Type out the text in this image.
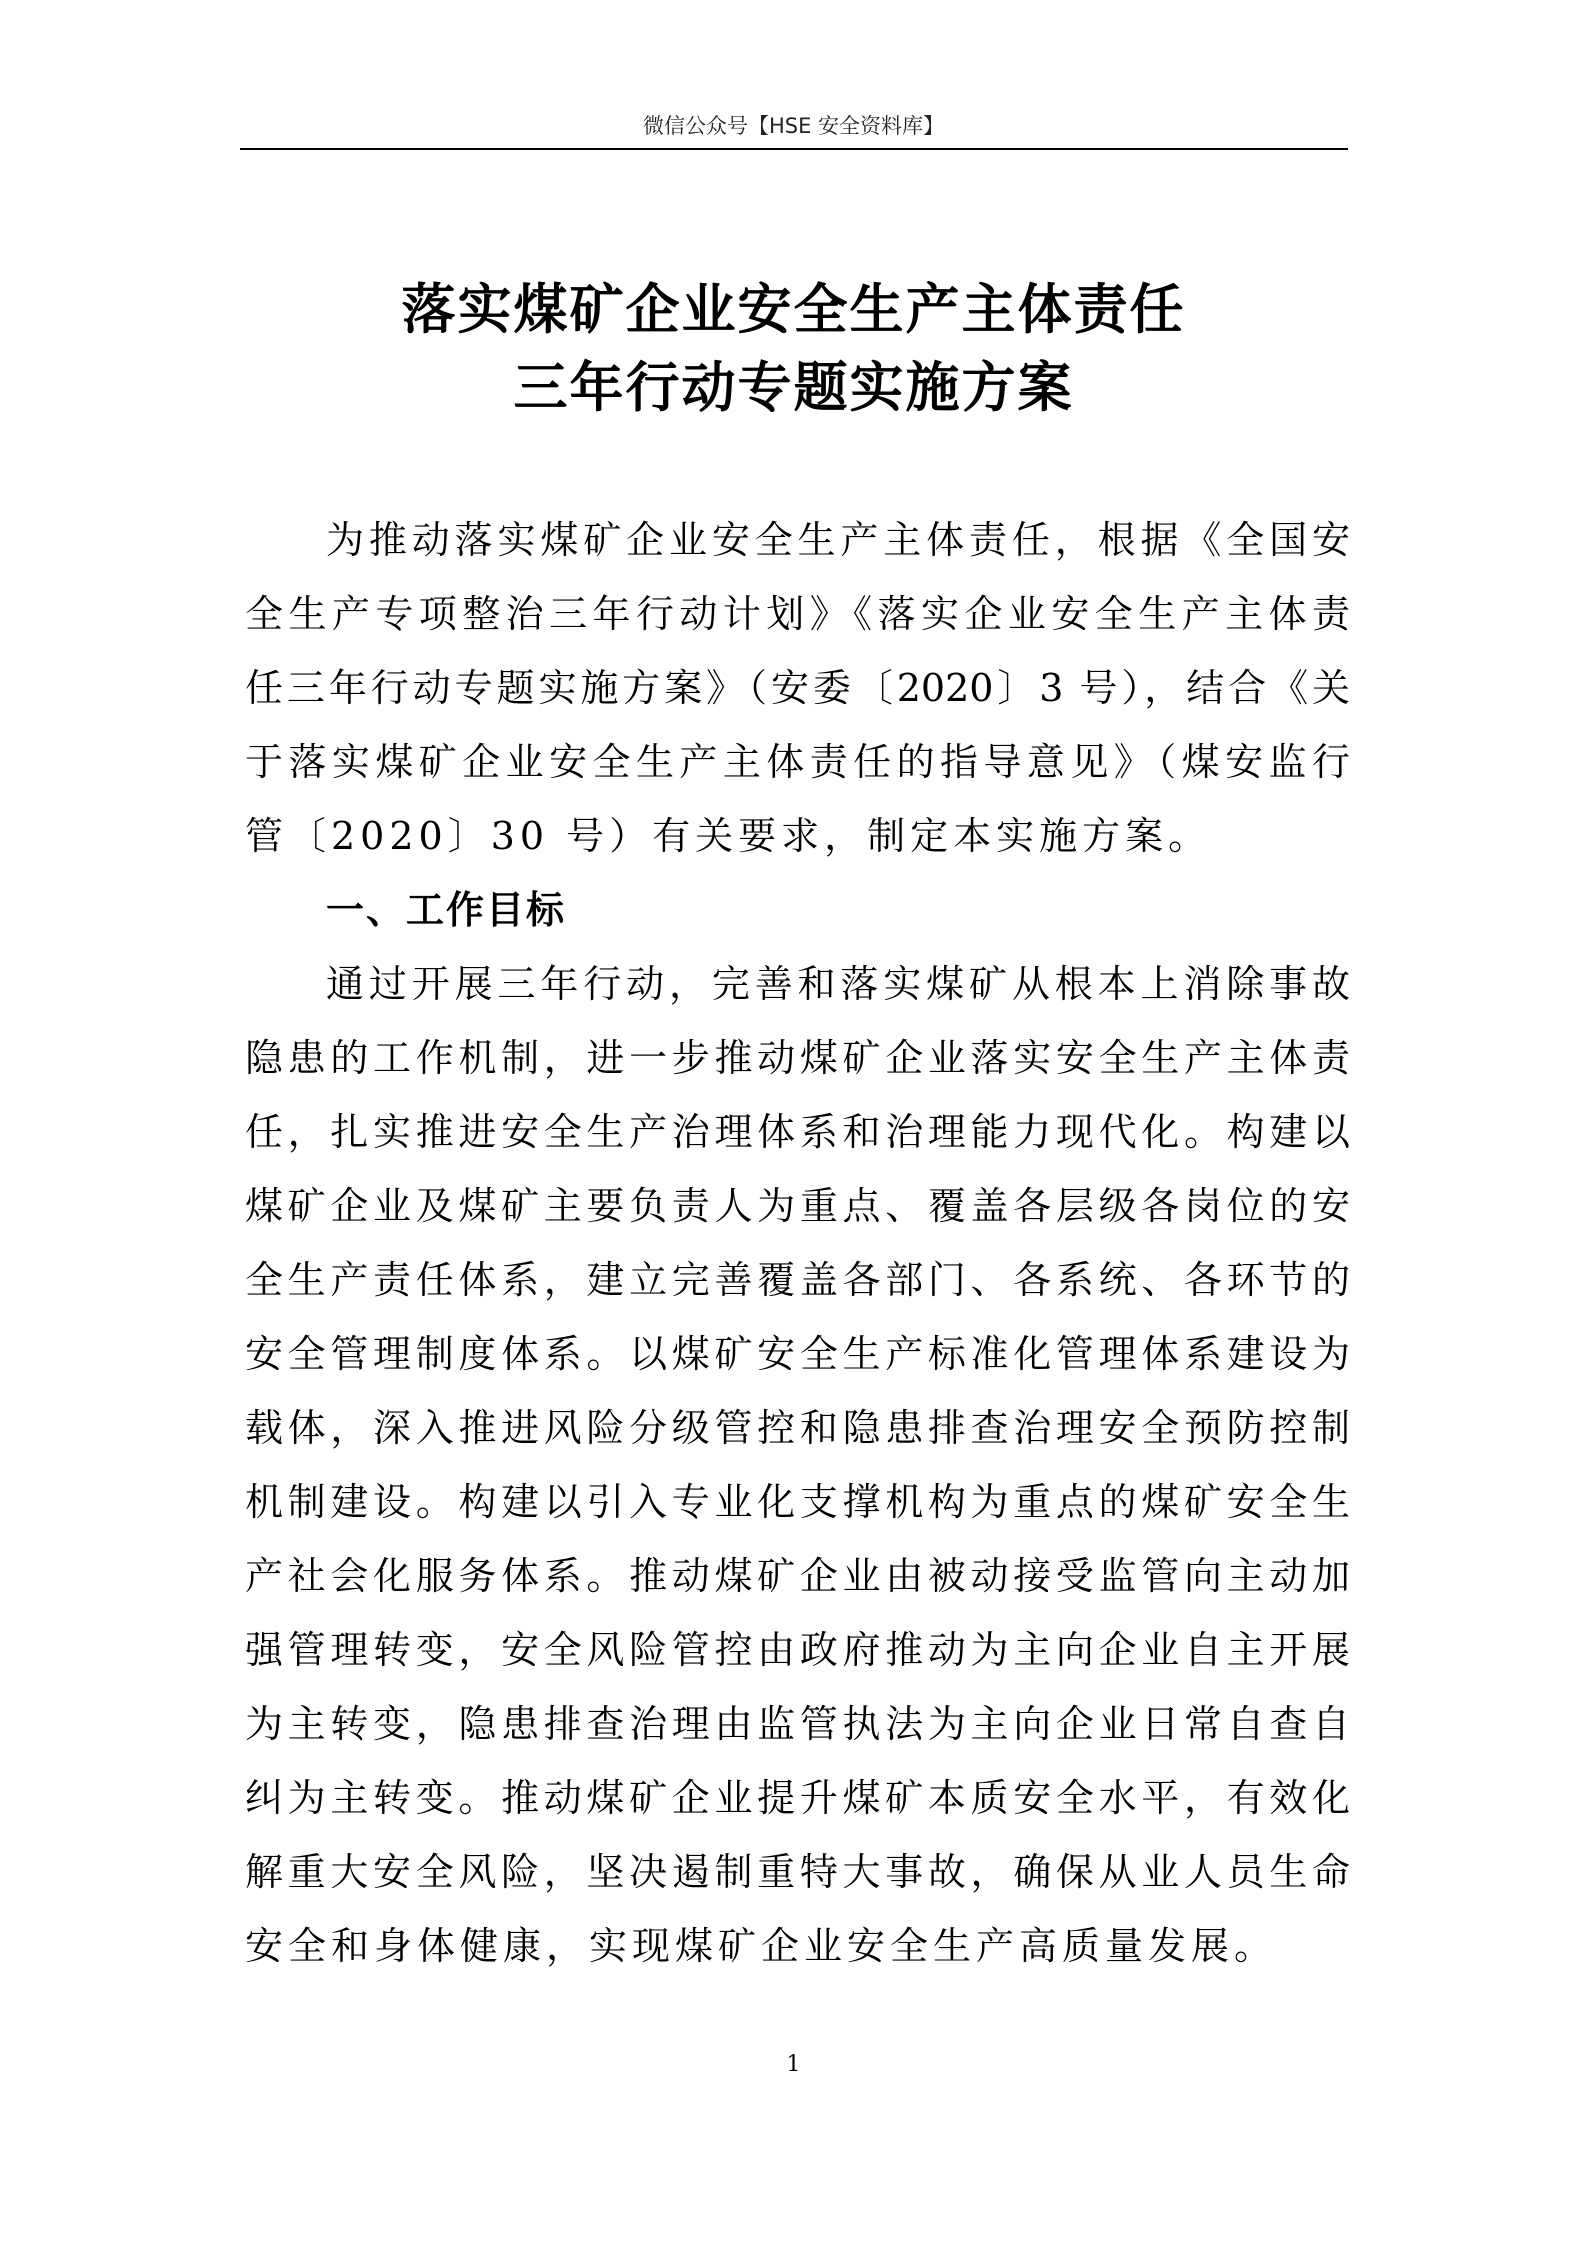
微信公众号【HSE 安全资料库】
落实煤矿企业安全生产主体责任
三年行动专题实施方案
为推动落实煤矿企业安全生产主体责任，根据《全国安
全生产专项整治三年行动计划》《落实企业安全生产主体责
任三年行动专题实施方案》（安委〔2020〕3 号），结合《关
于落实煤矿企业安全生产主体责任的指导意见》（煤安监行
管〔2020〕30 号）有关要求，制定本实施方案。
一、工作目标
通过开展三年行动，完善和落实煤矿从根本上消除事故
隐患的工作机制，进一步推动煤矿企业落实安全生产主体责
任，扎实推进安全生产治理体系和治理能力现代化。构建以
煤矿企业及煤矿主要负责人为重点、覆盖各层级各岗位的安
全生产责任体系，建立完善覆盖各部门、各系统、各环节的
安全管理制度体系。以煤矿安全生产标准化管理体系建设为
载体，深入推进风险分级管控和隐患排查治理安全预防控制
机制建设。构建以引入专业化支撑机构为重点的煤矿安全生
产社会化服务体系。推动煤矿企业由被动接受监管向主动加
强管理转变，安全风险管控由政府推动为主向企业自主开展
为主转变，隐患排查治理由监管执法为主向企业日常自查自
纠为主转变。推动煤矿企业提升煤矿本质安全水平，有效化
解重大安全风险，坚决遏制重特大事故，确保从业人员生命
安全和身体健康，实现煤矿企业安全生产高质量发展。
1
